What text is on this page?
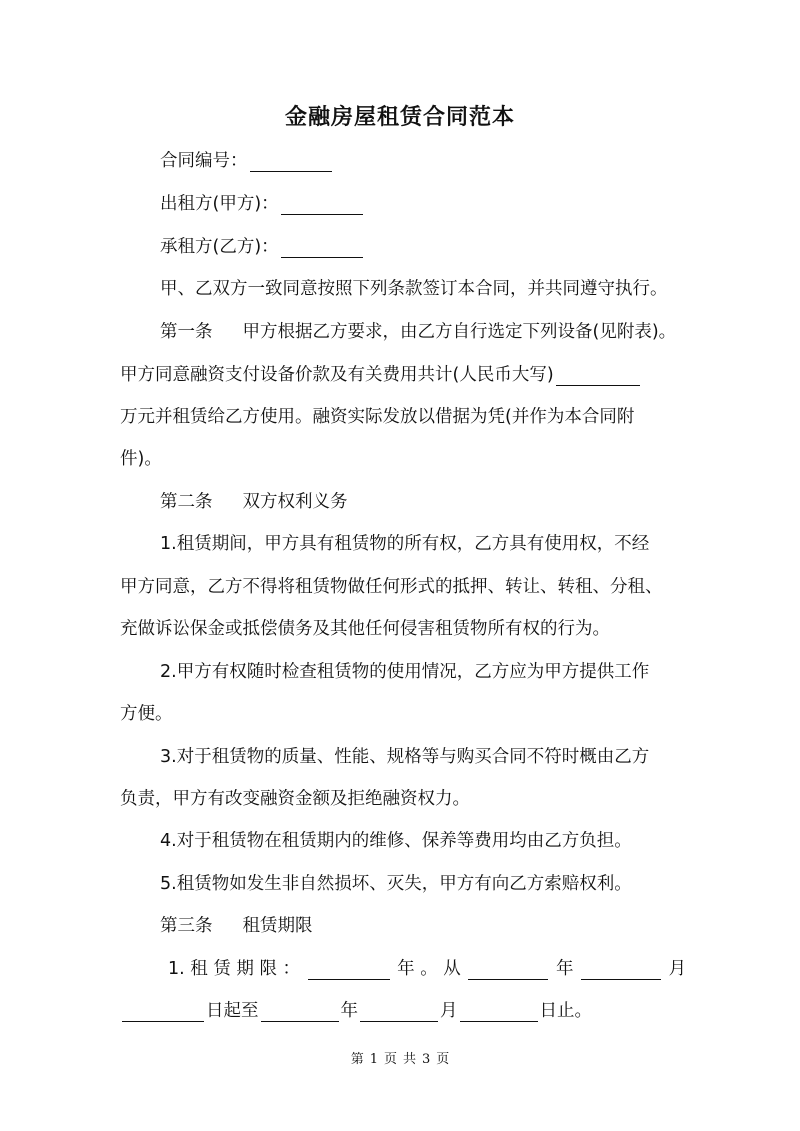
金融房屋租赁合同范本
合同编号：
出租方(甲方)：
承租方(乙方)：
甲、乙双方一致同意按照下列条款签订本合同，并共同遵守执行。
第一条 甲方根据乙方要求，由乙方自行选定下列设备(见附表)。
甲方同意融资支付设备价款及有关费用共计(人民币大写)
万元并租赁给乙方使用。融资实际发放以借据为凭(并作为本合同附
件)。
第二条 双方权利义务
1.租赁期间，甲方具有租赁物的所有权，乙方具有使用权，不经
甲方同意，乙方不得将租赁物做任何形式的抵押、转让、转租、分租、
充做诉讼保金或抵偿债务及其他任何侵害租赁物所有权的行为。
2.甲方有权随时检查租赁物的使用情况，乙方应为甲方提供工作
方便。
3.对于租赁物的质量、性能、规格等与购买合同不符时概由乙方
负责，甲方有改变融资金额及拒绝融资权力。
4.对于租赁物在租赁期内的维修、保养等费用均由乙方负担。
5.租赁物如发生非自然损坏、灭失，甲方有向乙方索赔权利。
第三条 租赁期限
1. 租 赁 期 限 ：	年 。 从	年	月
日起至	年	月	日止。
第 1 页 共 3 页
